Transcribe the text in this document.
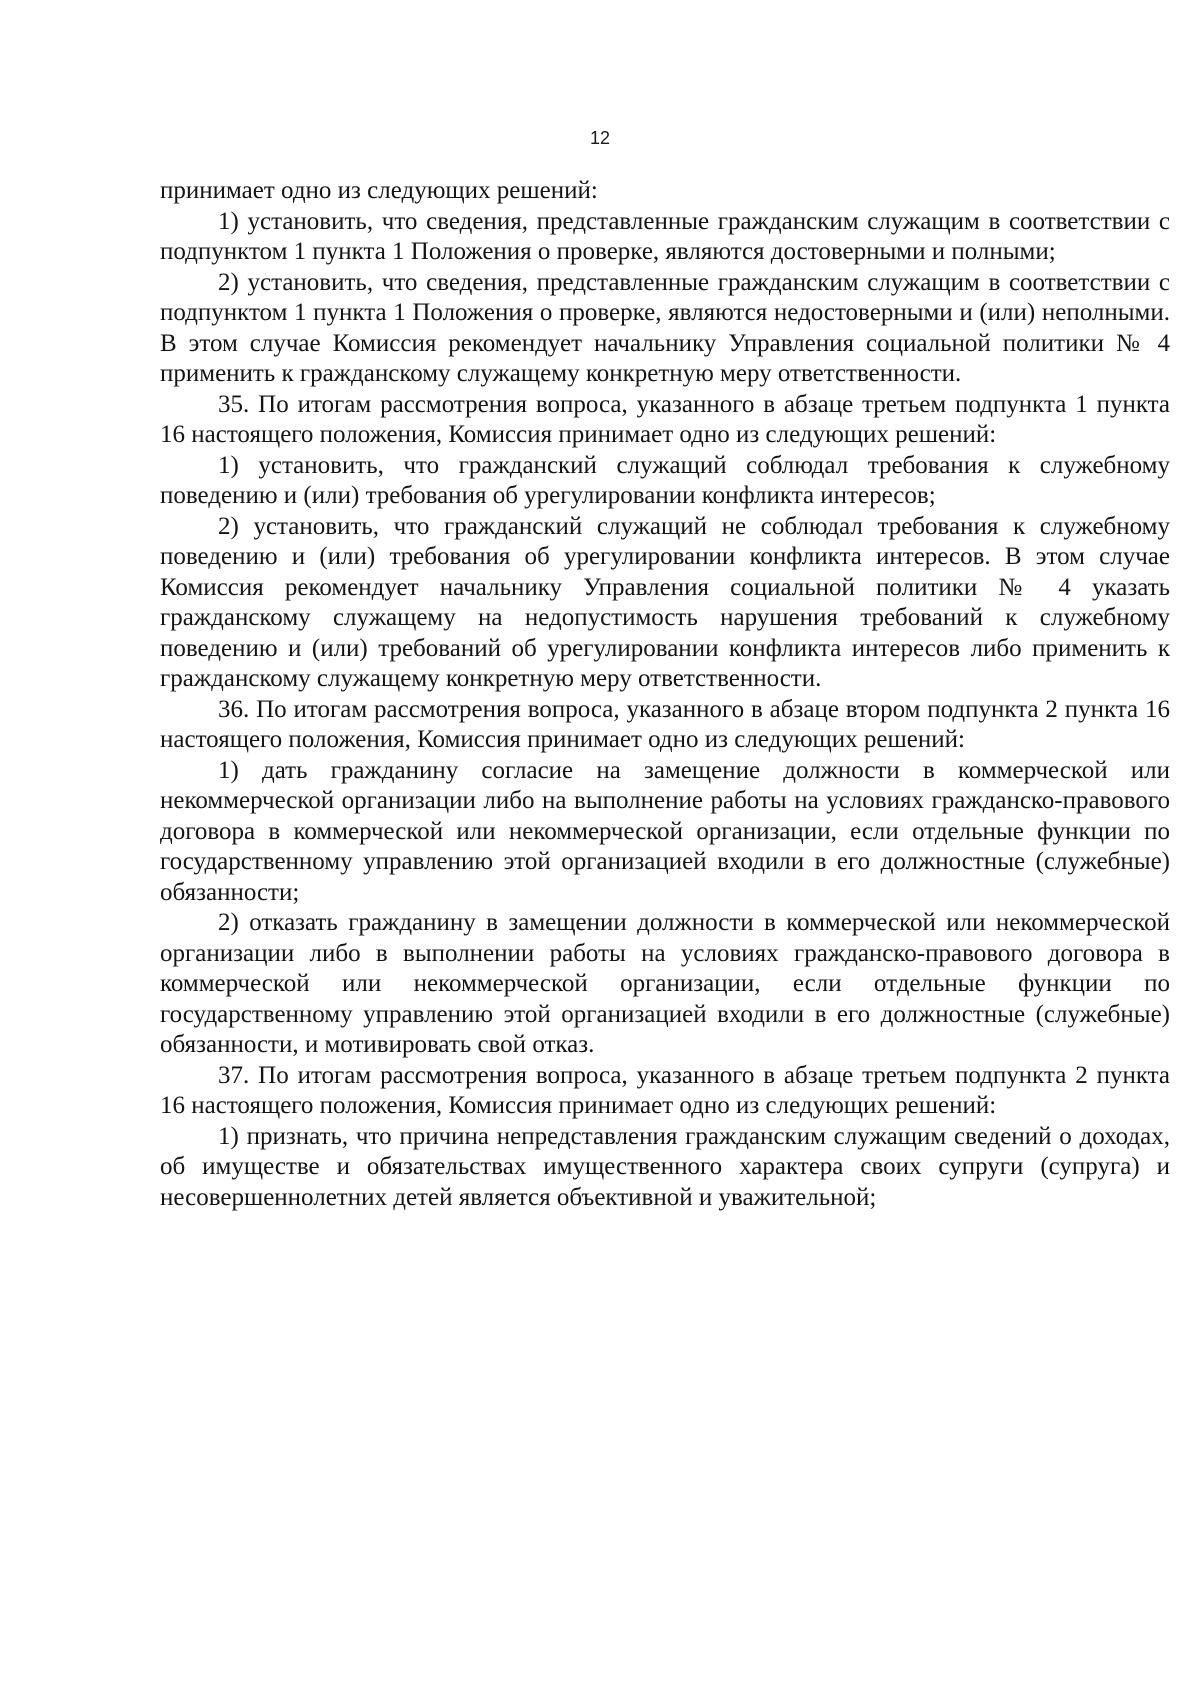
12

принимает одно из следующих решений:

1) установить, что сведения, представленные гражданским служащим в соответствии с подпунктом 1 пункта 1 Положения о проверке, являются достоверными и полными;

2) установить, что сведения, представленные гражданским служащим в соответствии с подпунктом 1 пункта 1 Положения о проверке, являются недостоверными и (или) неполными. В этом случае Комиссия рекомендует начальнику Управления социальной политики № 4 применить к гражданскому служащему конкретную меру ответственности.

35. По итогам рассмотрения вопроса, указанного в абзаце третьем подпункта 1 пункта 16 настоящего положения, Комиссия принимает одно из следующих решений:

1) установить, что гражданский служащий соблюдал требования к служебному поведению и (или) требования об урегулировании конфликта интересов;

2) установить, что гражданский служащий не соблюдал требования к служебному поведению и (или) требования об урегулировании конфликта интересов. В этом случае Комиссия рекомендует начальнику Управления социальной политики № 4 указать гражданскому служащему на недопустимость нарушения требований к служебному поведению и (или) требований об урегулировании конфликта интересов либо применить к гражданскому служащему конкретную меру ответственности.

36. По итогам рассмотрения вопроса, указанного в абзаце втором подпункта 2 пункта 16 настоящего положения, Комиссия принимает одно из следующих решений:

1) дать гражданину согласие на замещение должности в коммерческой или некоммерческой организации либо на выполнение работы на условиях гражданско-правового договора в коммерческой или некоммерческой организации, если отдельные функции по государственному управлению этой организацией входили в его должностные (служебные) обязанности;

2) отказать гражданину в замещении должности в коммерческой или некоммерческой организации либо в выполнении работы на условиях гражданско-правового договора в коммерческой или некоммерческой организации, если отдельные функции по государственному управлению этой организацией входили в его должностные (служебные) обязанности, и мотивировать свой отказ.

37. По итогам рассмотрения вопроса, указанного в абзаце третьем подпункта 2 пункта 16 настоящего положения, Комиссия принимает одно из следующих решений:

1) признать, что причина непредставления гражданским служащим сведений о доходах, об имуществе и обязательствах имущественного характера своих супруги (супруга) и несовершеннолетних детей является объективной и уважительной;
